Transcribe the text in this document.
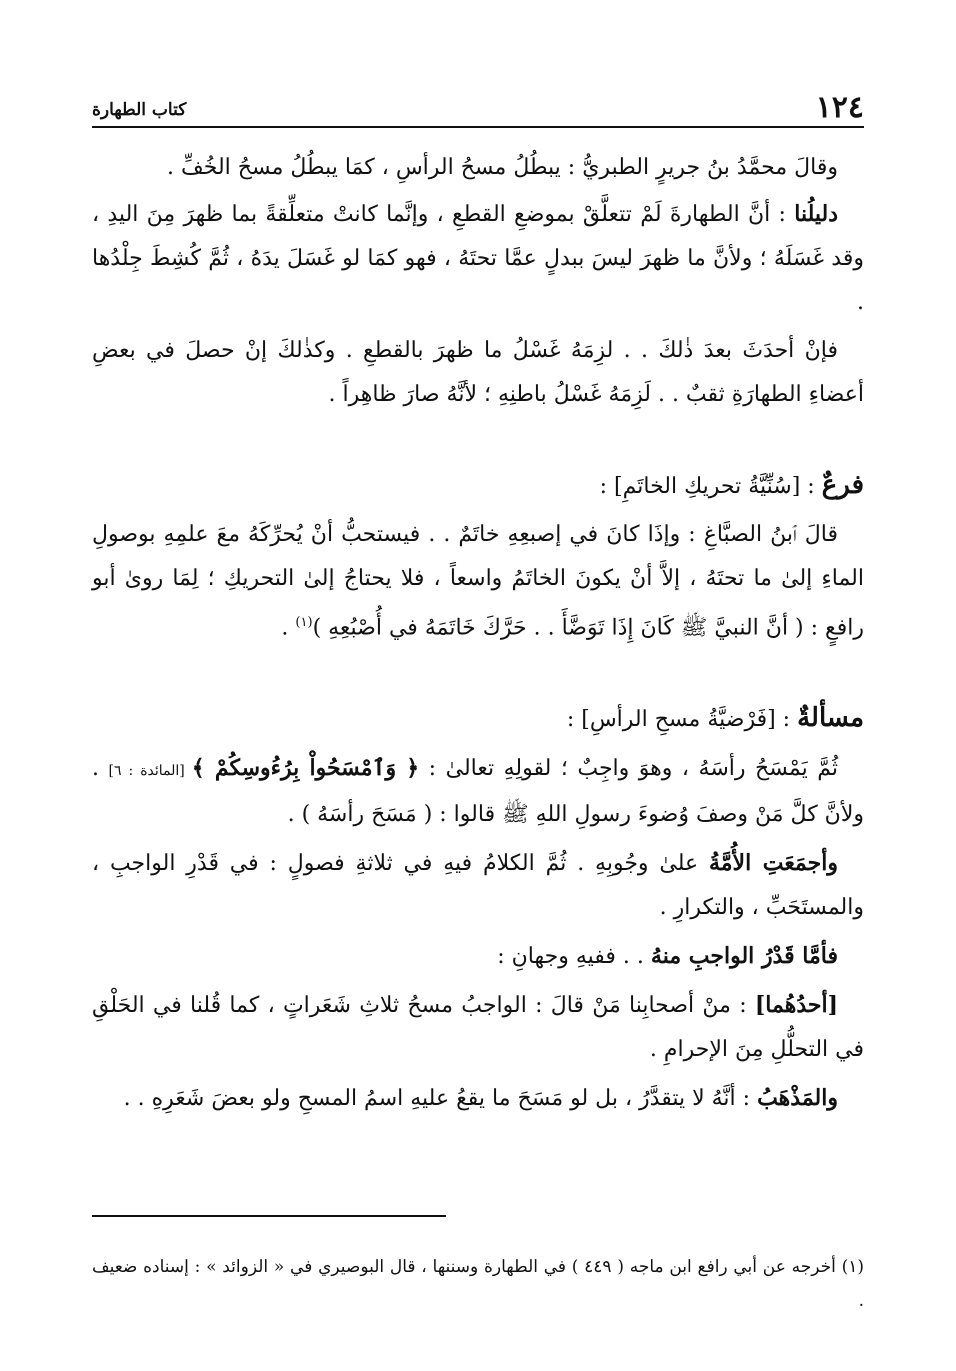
١٢٤
كتاب الطهارة

وقالَ محمَّدُ بنُ جريرٍ الطبريُّ : يبطُلُ مسحُ الرأسِ ، كمَا يبطُلُ مسحُ الخُفِّ .

دليلُنا : أنَّ الطهارةَ لَمْ تتعلَّقْ بموضعِ القطعِ ، وإنَّما كانتْ متعلِّقةً بما ظهرَ مِنَ اليدِ ، وقد غَسَلَهُ ؛ ولأنَّ ما ظهرَ ليسَ ببدلٍ عمَّا تحتَهُ ، فهو كمَا لو غَسَلَ يدَهُ ، ثُمَّ كُشِطَ جِلْدُها .

فإنْ أحدَثَ بعدَ ذٰلكَ . . لزِمَهُ غَسْلُ ما ظهرَ بالقطعِ . وكذٰلكَ إنْ حصلَ في بعضِ أعضاءِ الطهارَةِ ثقبٌ . . لَزِمَهُ غَسْلُ باطنِهِ ؛ لأنَّهُ صارَ ظاهِراً .

فرعٌ : [سُنِّيَّةُ تحريكِ الخاتَمِ] :

قالَ ٱبنُ الصبَّاغِ : وإذَا كانَ في إصبعِهِ خاتَمٌ . . فيستحبُّ أنْ يُحرِّكَهُ معَ علمِهِ بوصولِ الماءِ إلىٰ ما تحتَهُ ، إلاَّ أنْ يكونَ الخاتَمُ واسعاً ، فلا يحتاجُ إلىٰ التحريكِ ؛ لِمَا روىٰ أبو رافعٍ : ( أنَّ النبيَّ ﷺ كَانَ إِذَا تَوَضَّأَ . . حَرَّكَ خَاتَمَهُ في أُصْبُعِهِ )$^{(١)}$ .

مسألةٌ : [فَرْضيَّةُ مسحِ الرأسِ] :

ثُمَّ يَمْسَحُ رأسَهُ ، وهوَ واجِبٌ ؛ لقولِهِ تعالىٰ : ﴿ وَٱمْسَحُواْ بِرُءُوسِكُمْ ﴾ [المائدة : ٦] . ولأنَّ كلَّ مَنْ وصفَ وُضوءَ رسولِ اللهِ ﷺ قالوا : ( مَسَحَ رأسَهُ ) .

وأجمَعَتِ الأُمَّةُ علىٰ وجُوبِهِ . ثُمَّ الكلامُ فيهِ في ثلاثةِ فصولٍ : في قَدْرِ الواجبِ ، والمستَحَبِّ ، والتكرارِ .

فأمَّا قَدْرُ الواجبِ منهُ . . ففيهِ وجهانِ :

[أحدُهُما] : منْ أصحابِنا مَنْ قالَ : الواجبُ مسحُ ثلاثِ شَعَراتٍ ، كما قُلنا في الحَلْقِ في التحلُّلِ مِنَ الإحرامِ .

والمَذْهَبُ : أنَّهُ لا يتقدَّرُ ، بل لو مَسَحَ ما يقعُ عليهِ اسمُ المسحِ ولو بعضَ شَعَرِهِ . .

(١) أخرجه عن أبي رافع ابن ماجه ( ٤٤٩ ) في الطهارة وسننها ، قال البوصيري في « الزوائد » : إسناده ضعيف .
